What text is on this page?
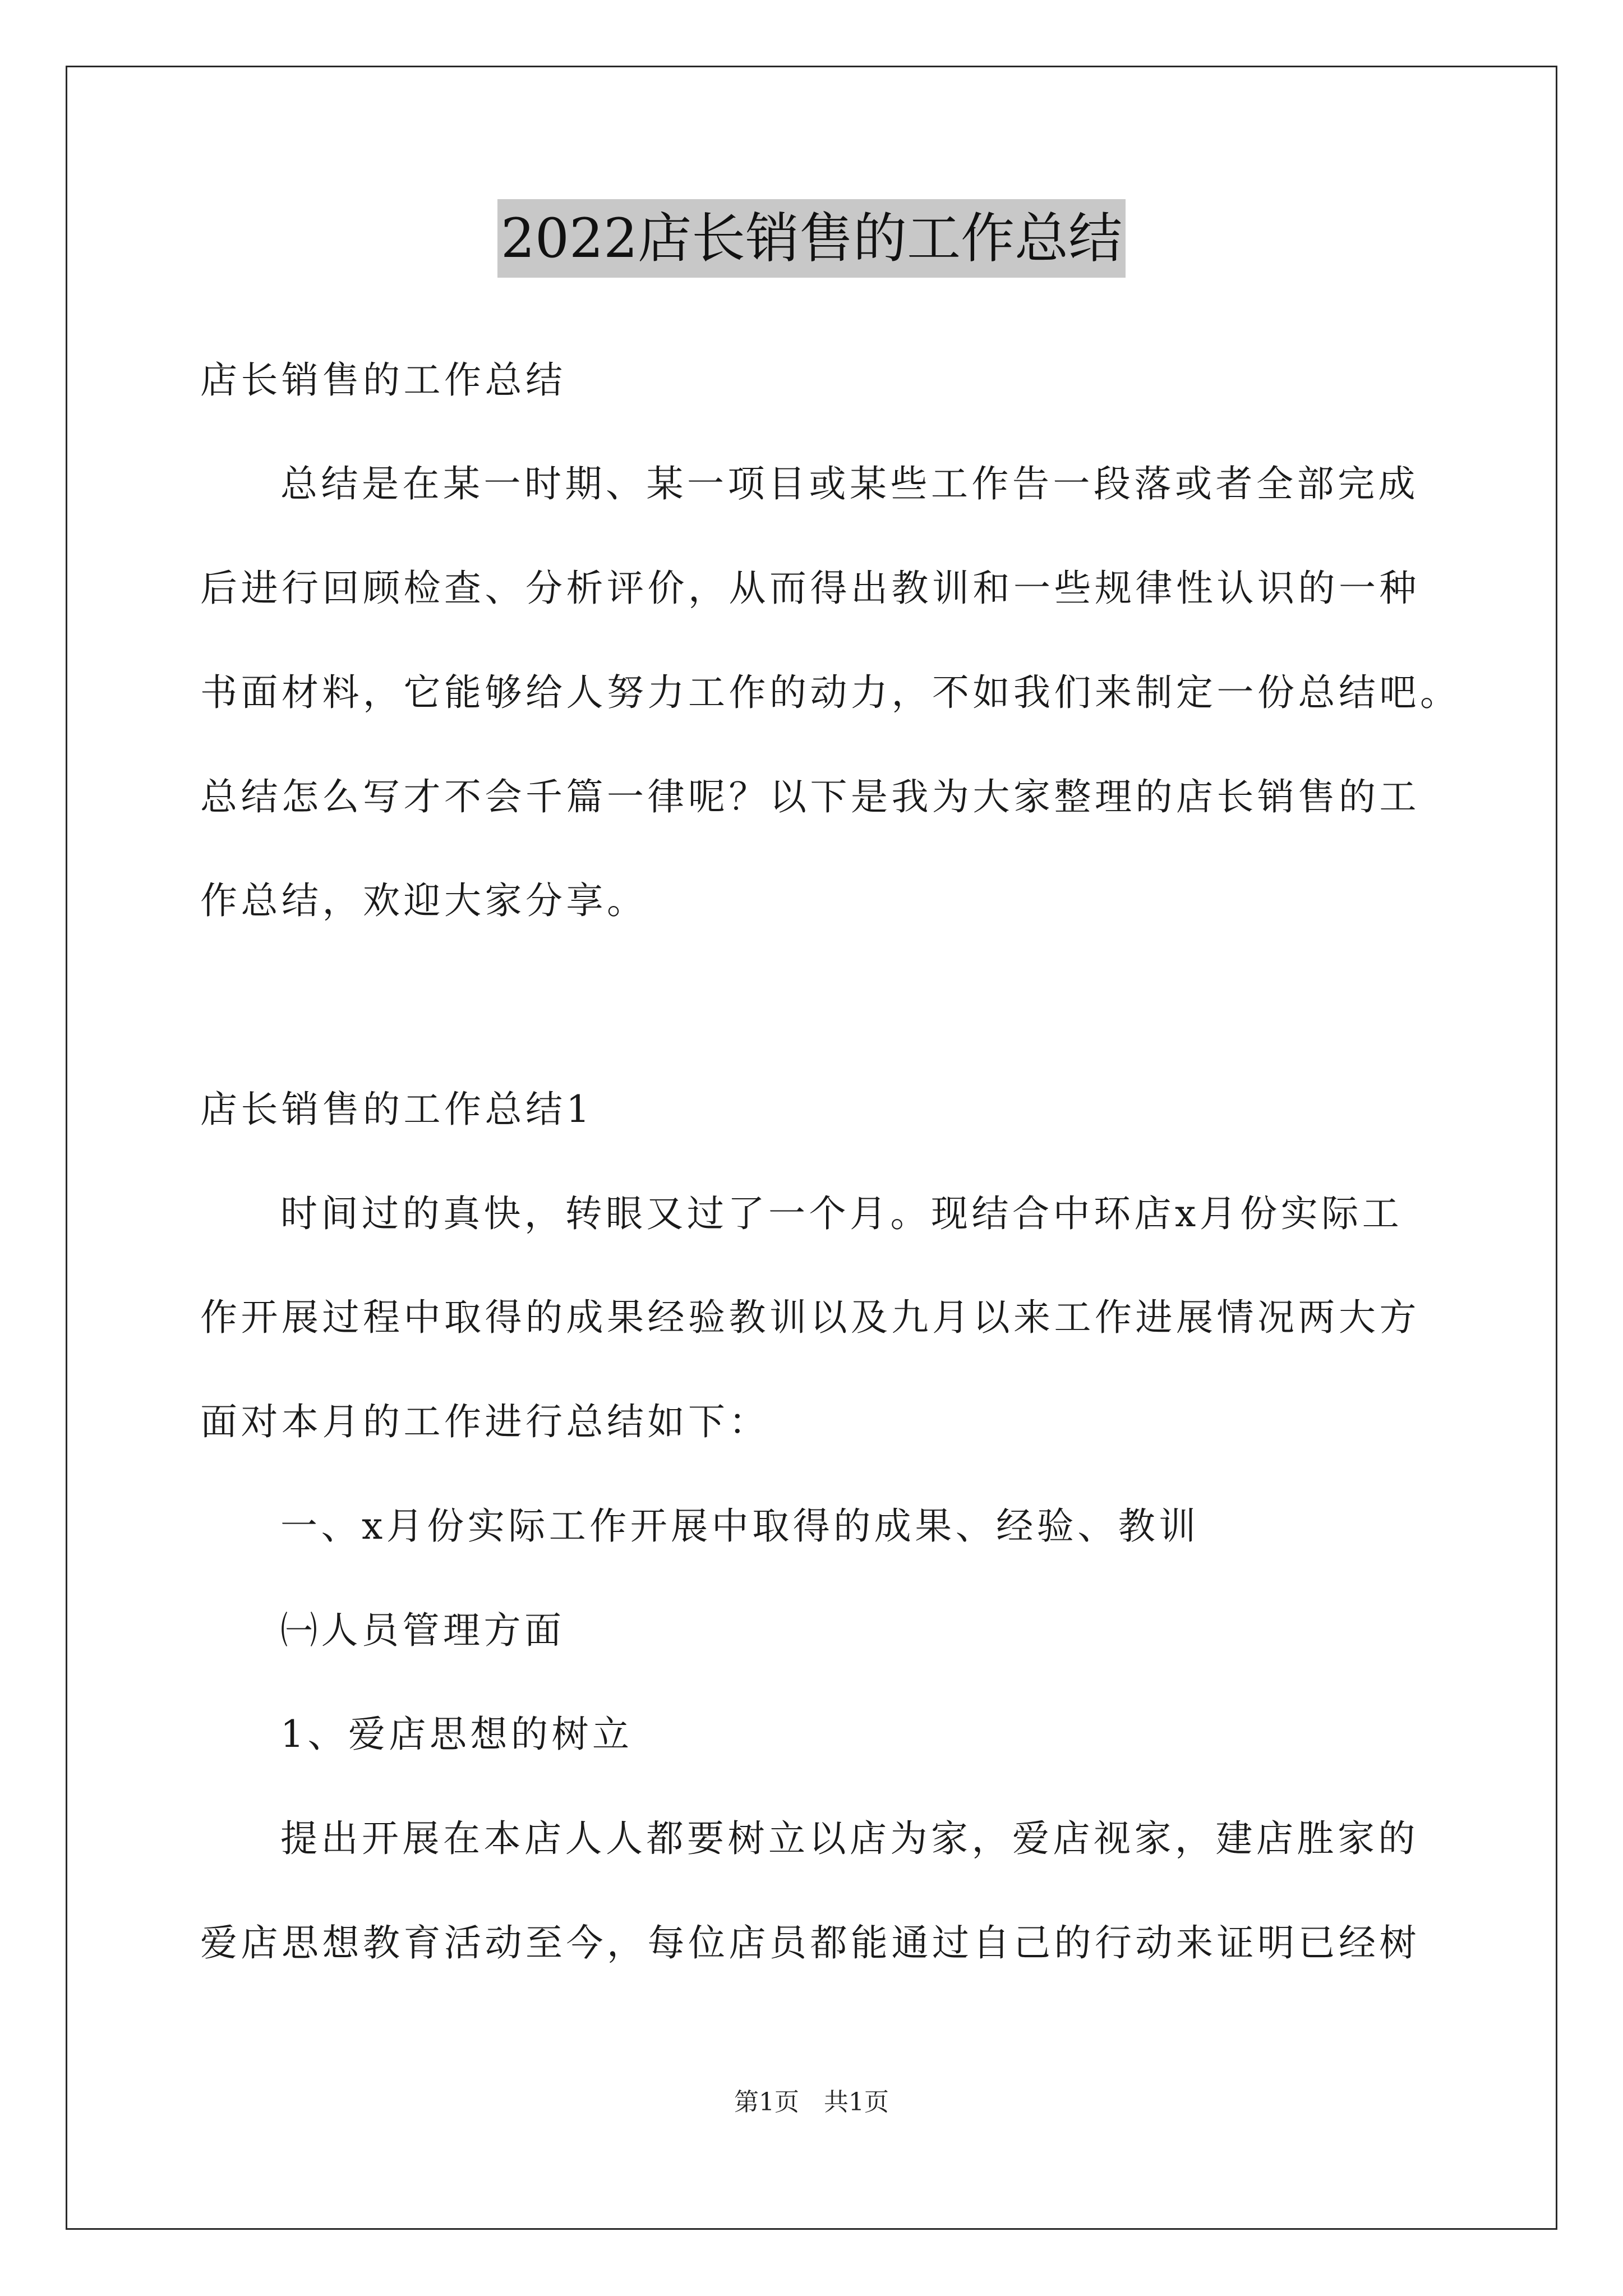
2022店长销售的工作总结
店长销售的工作总结
总结是在某一时期、某一项目或某些工作告一段落或者全部完成
后进行回顾检查、分析评价，从而得出教训和一些规律性认识的一种
书面材料，它能够给人努力工作的动力，不如我们来制定一份总结吧。
总结怎么写才不会千篇一律呢？以下是我为大家整理的店长销售的工
作总结，欢迎大家分享。
店长销售的工作总结1
时间过的真快，转眼又过了一个月。现结合中环店x月份实际工
作开展过程中取得的成果经验教训以及九月以来工作进展情况两大方
面对本月的工作进行总结如下：
一、x月份实际工作开展中取得的成果、经验、教训
㈠人员管理方面
1、爱店思想的树立
提出开展在本店人人都要树立以店为家，爱店视家，建店胜家的
爱店思想教育活动至今，每位店员都能通过自己的行动来证明已经树
第1页 共1页
